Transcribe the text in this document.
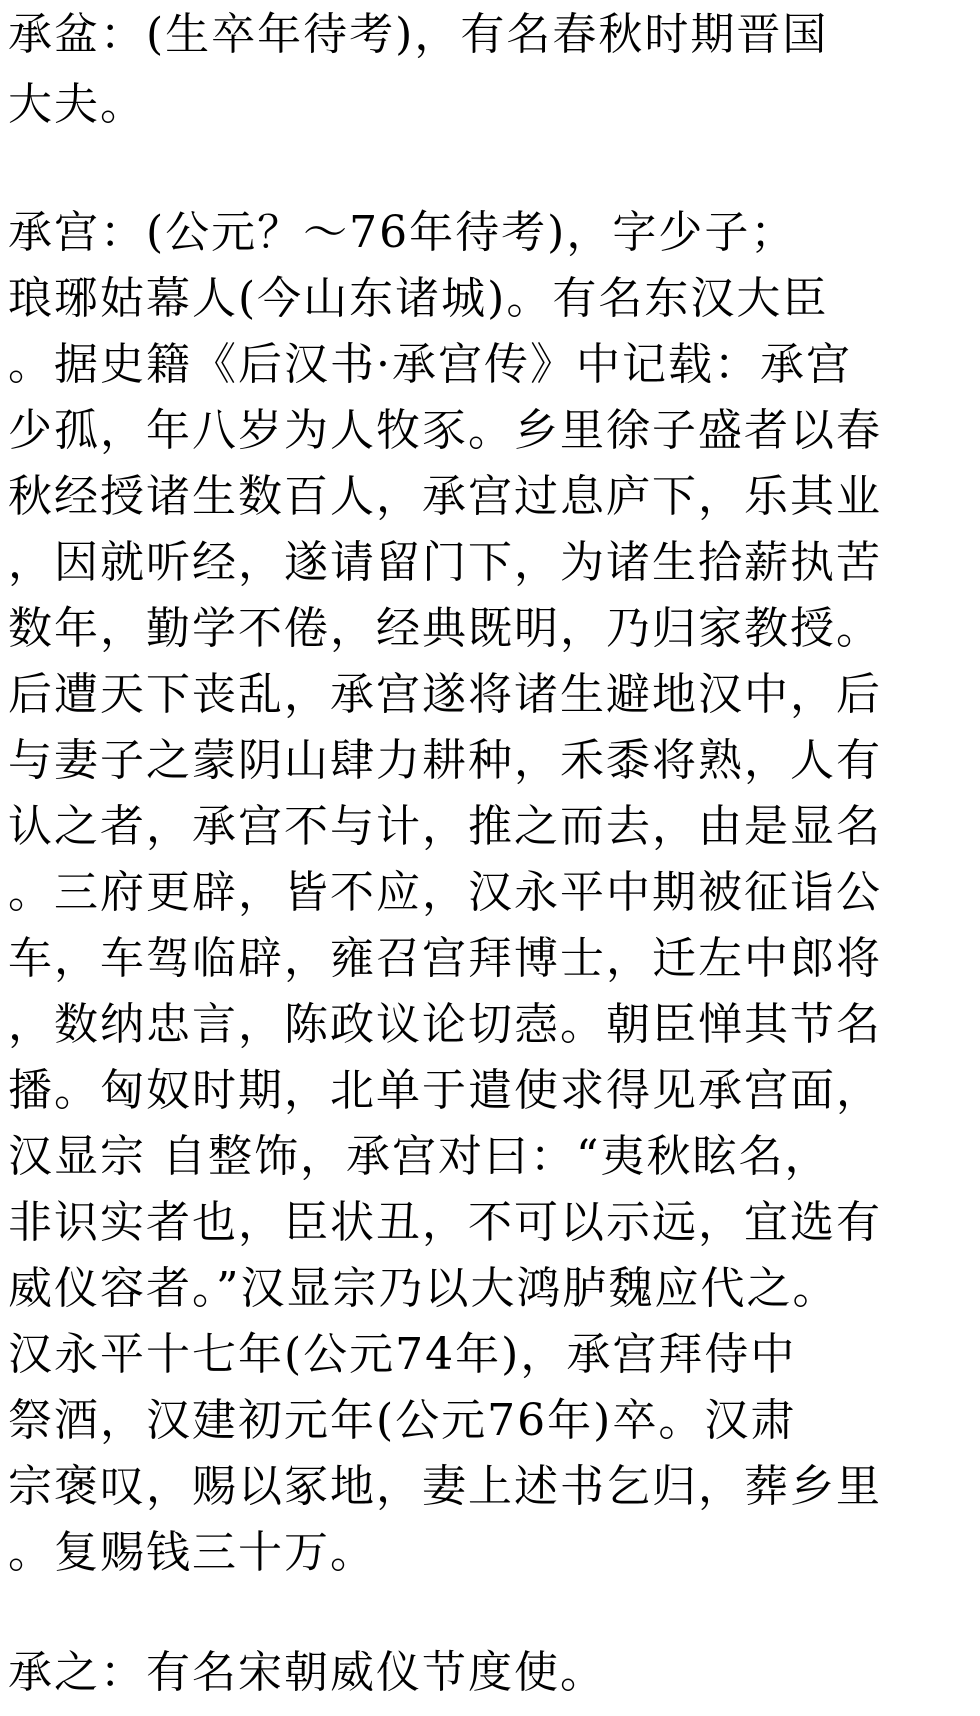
承盆：(生卒年待考)，有名春秋时期晋国
大夫。
承宫：(公元？～76年待考)，字少子；
琅琊姑幕人(今山东诸城)。有名东汉大臣
。据史籍《后汉书·承宫传》中记载：承宫
少孤，年八岁为人牧豕。乡里徐子盛者以春
秋经授诸生数百人，承宫过息庐下，乐其业
，因就听经，遂请留门下，为诸生拾薪执苦
数年，勤学不倦，经典既明，乃归家教授。
后遭天下丧乱，承宫遂将诸生避地汉中，后
与妻子之蒙阴山肆力耕种，禾黍将熟，人有
认之者，承宫不与计，推之而去，由是显名
。三府更辟，皆不应，汉永平中期被征诣公
车，车驾临辟，雍召宫拜博士，迁左中郎将
，数纳忠言，陈政议论切悫。朝臣惮其节名
播。匈奴时期，北单于遣使求得见承宫面，
汉显宗 自整饰，承宫对曰：“夷秋眩名，
非识实者也，臣状丑，不可以示远，宜选有
威仪容者。”汉显宗乃以大鸿胪魏应代之。
汉永平十七年(公元74年)，承宫拜侍中
祭酒，汉建初元年(公元76年)卒。汉肃
宗褒叹，赐以冢地，妻上述书乞归，葬乡里
。复赐钱三十万。
承之：有名宋朝威仪节度使。
